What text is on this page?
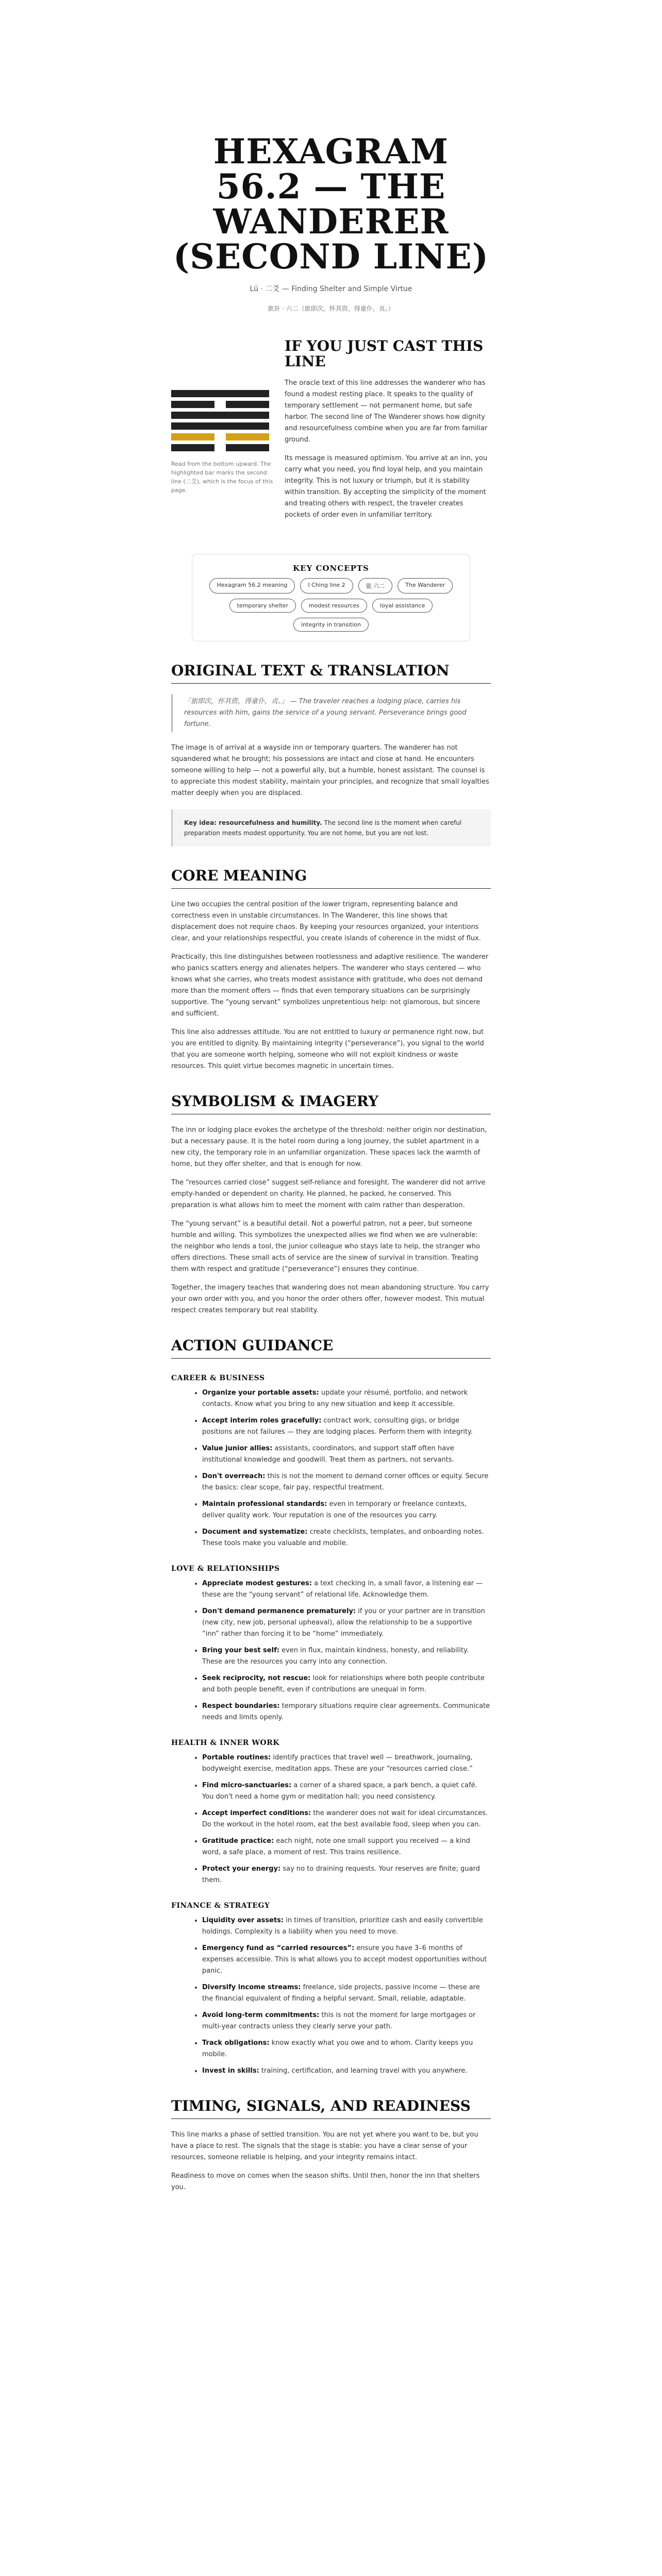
HEXAGRAM 56.2 — THE WANDERER (SECOND LINE)
Lü · 二爻 — Finding Shelter and Simple Virtue
旅卦 · 六二（旅即次，怀其资，得童仆，贞。）
Read from the bottom upward. The highlighted bar marks the second line (二爻), which is the focus of this page.
IF YOU JUST CAST THIS LINE

The oracle text of this line addresses the wanderer who has found a modest resting place. It speaks to the quality of temporary settlement — not permanent home, but safe harbor. The second line of The Wanderer shows how dignity and resourcefulness combine when you are far from familiar ground.

Its message is measured optimism. You arrive at an inn, you carry what you need, you find loyal help, and you maintain integrity. This is not luxury or triumph, but it is stability within transition. By accepting the simplicity of the moment and treating others with respect, the traveler creates pockets of order even in unfamiliar territory.

KEY CONCEPTS
Hexagram 56.2 meaning	I Ching line 2	旅 六二	The Wanderer
temporary shelter	modest resources	loyal assistance
integrity in transition
ORIGINAL TEXT & TRANSLATION
「旅即次，怀其资，得童仆，贞。」 — The traveler reaches a lodging place, carries his resources with him, gains the service of a young servant. Perseverance brings good fortune.

The image is of arrival at a wayside inn or temporary quarters. The wanderer has not squandered what he brought; his possessions are intact and close at hand. He encounters someone willing to help — not a powerful ally, but a humble, honest assistant. The counsel is to appreciate this modest stability, maintain your principles, and recognize that small loyalties matter deeply when you are displaced.

Key idea: resourcefulness and humility. The second line is the moment when careful preparation meets modest opportunity. You are not home, but you are not lost.
CORE MEANING

Line two occupies the central position of the lower trigram, representing balance and correctness even in unstable circumstances. In The Wanderer, this line shows that displacement does not require chaos. By keeping your resources organized, your intentions clear, and your relationships respectful, you create islands of coherence in the midst of flux.

Practically, this line distinguishes between rootlessness and adaptive resilience. The wanderer who panics scatters energy and alienates helpers. The wanderer who stays centered — who knows what she carries, who treats modest assistance with gratitude, who does not demand more than the moment offers — finds that even temporary situations can be surprisingly supportive. The “young servant” symbolizes unpretentious help: not glamorous, but sincere and sufficient.

This line also addresses attitude. You are not entitled to luxury or permanence right now, but you are entitled to dignity. By maintaining integrity (“perseverance”), you signal to the world that you are someone worth helping, someone who will not exploit kindness or waste resources. This quiet virtue becomes magnetic in uncertain times.

SYMBOLISM & IMAGERY

The inn or lodging place evokes the archetype of the threshold: neither origin nor destination, but a necessary pause. It is the hotel room during a long journey, the sublet apartment in a new city, the temporary role in an unfamiliar organization. These spaces lack the warmth of home, but they offer shelter, and that is enough for now.

The “resources carried close” suggest self-reliance and foresight. The wanderer did not arrive empty-handed or dependent on charity. He planned, he packed, he conserved. This preparation is what allows him to meet the moment with calm rather than desperation.

The “young servant” is a beautiful detail. Not a powerful patron, not a peer, but someone humble and willing. This symbolizes the unexpected allies we find when we are vulnerable: the neighbor who lends a tool, the junior colleague who stays late to help, the stranger who offers directions. These small acts of service are the sinew of survival in transition. Treating them with respect and gratitude (“perseverance”) ensures they continue.

Together, the imagery teaches that wandering does not mean abandoning structure. You carry your own order with you, and you honor the order others offer, however modest. This mutual respect creates temporary but real stability.

ACTION GUIDANCE
CAREER & BUSINESS
• Organize your portable assets: update your résumé, portfolio, and network contacts. Know what you bring to any new situation and keep it accessible.
• Accept interim roles gracefully: contract work, consulting gigs, or bridge positions are not failures — they are lodging places. Perform them with integrity.
• Value junior allies: assistants, coordinators, and support staff often have institutional knowledge and goodwill. Treat them as partners, not servants.
• Don't overreach: this is not the moment to demand corner offices or equity. Secure the basics: clear scope, fair pay, respectful treatment.
• Maintain professional standards: even in temporary or freelance contexts, deliver quality work. Your reputation is one of the resources you carry.
• Document and systematize: create checklists, templates, and onboarding notes. These tools make you valuable and mobile.
LOVE & RELATIONSHIPS
• Appreciate modest gestures: a text checking in, a small favor, a listening ear — these are the “young servant” of relational life. Acknowledge them.
• Don't demand permanence prematurely: if you or your partner are in transition (new city, new job, personal upheaval), allow the relationship to be a supportive “inn” rather than forcing it to be “home” immediately.
• Bring your best self: even in flux, maintain kindness, honesty, and reliability. These are the resources you carry into any connection.
• Seek reciprocity, not rescue: look for relationships where both people contribute and both people benefit, even if contributions are unequal in form.
• Respect boundaries: temporary situations require clear agreements. Communicate needs and limits openly.
HEALTH & INNER WORK
• Portable routines: identify practices that travel well — breathwork, journaling, bodyweight exercise, meditation apps. These are your “resources carried close.”
• Find micro-sanctuaries: a corner of a shared space, a park bench, a quiet café. You don't need a home gym or meditation hall; you need consistency.
• Accept imperfect conditions: the wanderer does not wait for ideal circumstances. Do the workout in the hotel room, eat the best available food, sleep when you can.
• Gratitude practice: each night, note one small support you received — a kind word, a safe place, a moment of rest. This trains resilience.
• Protect your energy: say no to draining requests. Your reserves are finite; guard them.
FINANCE & STRATEGY
• Liquidity over assets: in times of transition, prioritize cash and easily convertible holdings. Complexity is a liability when you need to move.
• Emergency fund as “carried resources”: ensure you have 3–6 months of expenses accessible. This is what allows you to accept modest opportunities without panic.
• Diversify income streams: freelance, side projects, passive income — these are the financial equivalent of finding a helpful servant. Small, reliable, adaptable.
• Avoid long-term commitments: this is not the moment for large mortgages or multi-year contracts unless they clearly serve your path.
• Track obligations: know exactly what you owe and to whom. Clarity keeps you mobile.
• Invest in skills: training, certification, and learning travel with you anywhere.
TIMING, SIGNALS, AND READINESS

This line marks a phase of settled transition. You are not yet where you want to be, but you have a place to rest. The signals that the stage is stable: you have a clear sense of your resources, someone reliable is helping, and your integrity remains intact.

Readiness to move on comes when the season shifts. Until then, honor the inn that shelters you.
